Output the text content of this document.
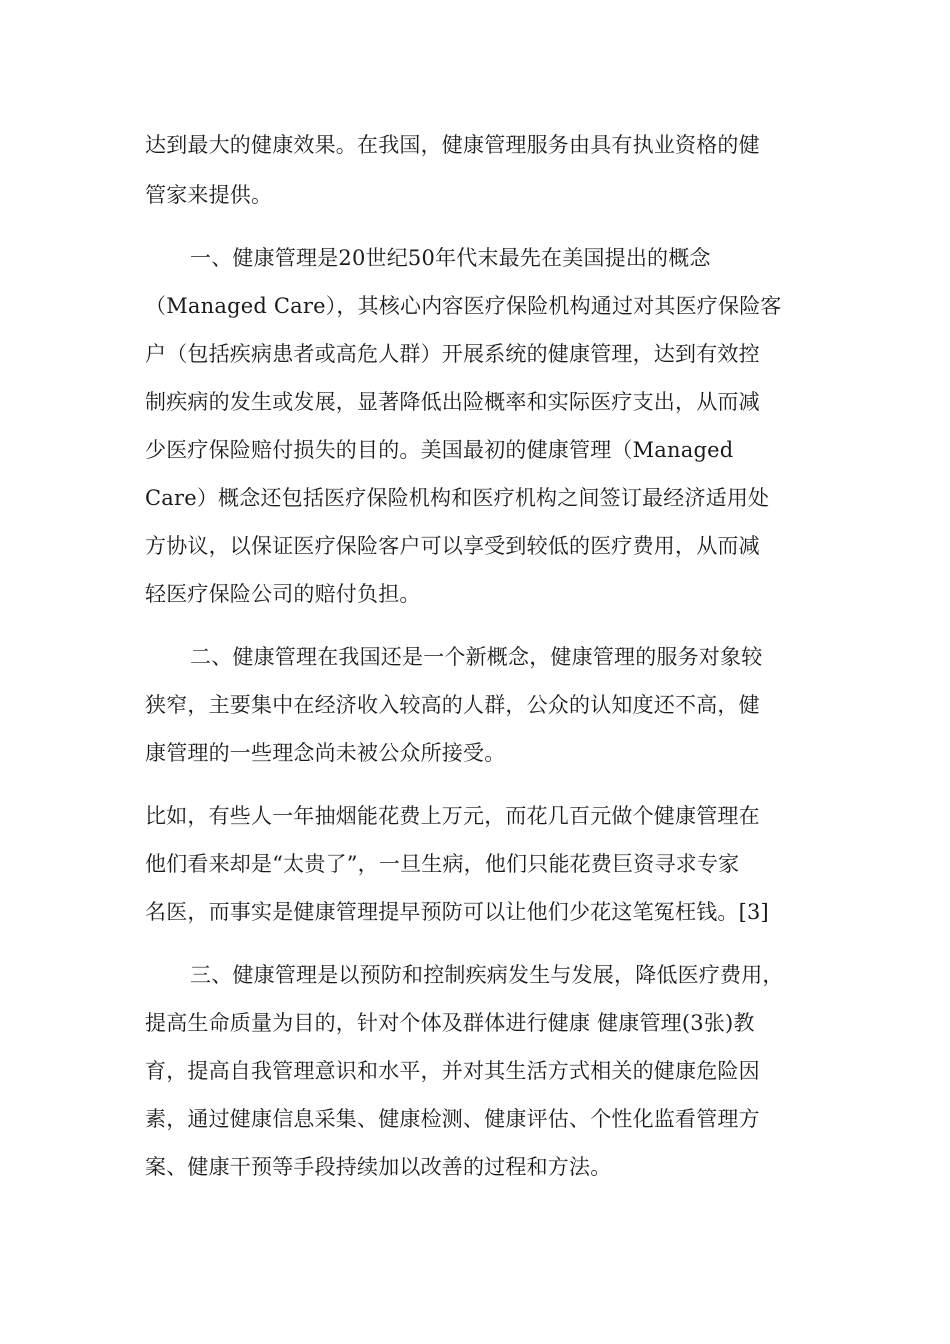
达到最大的健康效果。在我国，健康管理服务由具有执业资格的健
管家来提供。
一、健康管理是20世纪50年代末最先在美国提出的概念
（Managed Care），其核心内容医疗保险机构通过对其医疗保险客
户（包括疾病患者或高危人群）开展系统的健康管理，达到有效控
制疾病的发生或发展，显著降低出险概率和实际医疗支出，从而减
少医疗保险赔付损失的目的。美国最初的健康管理（Managed
Care）概念还包括医疗保险机构和医疗机构之间签订最经济适用处
方协议，以保证医疗保险客户可以享受到较低的医疗费用，从而减
轻医疗保险公司的赔付负担。
二、健康管理在我国还是一个新概念，健康管理的服务对象较
狭窄，主要集中在经济收入较高的人群，公众的认知度还不高，健
康管理的一些理念尚未被公众所接受。
比如，有些人一年抽烟能花费上万元，而花几百元做个健康管理在
他们看来却是“太贵了”，一旦生病，他们只能花费巨资寻求专家
名医，而事实是健康管理提早预防可以让他们少花这笔冤枉钱。[3]
三、健康管理是以预防和控制疾病发生与发展，降低医疗费用，
提高生命质量为目的，针对个体及群体进行健康 健康管理(3张)教
育，提高自我管理意识和水平，并对其生活方式相关的健康危险因
素，通过健康信息采集、健康检测、健康评估、个性化监看管理方
案、健康干预等手段持续加以改善的过程和方法。
